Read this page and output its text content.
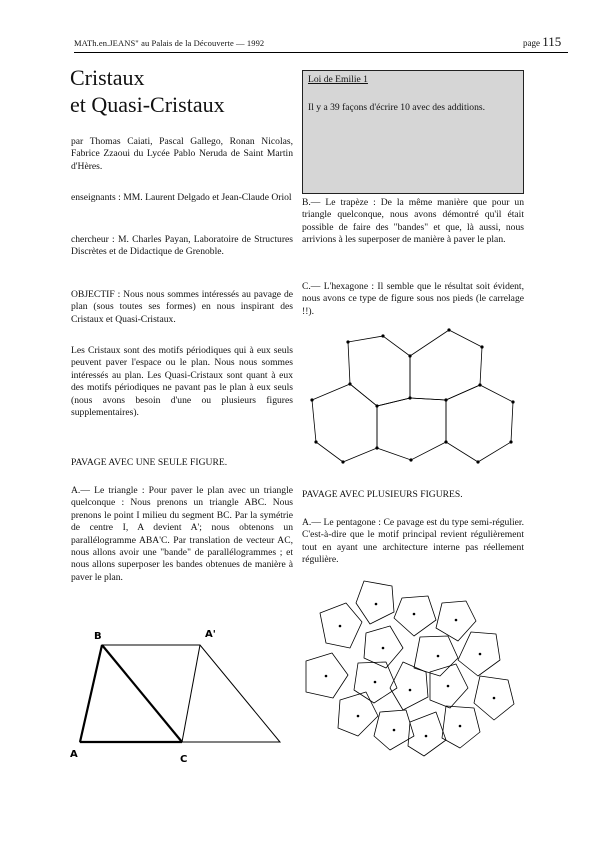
MATh.en.JEANS" au Palais de la Découverte — 1992	page 115
Cristaux
et Quasi-Cristaux

par Thomas Caiati, Pascal Gallego, Ronan Nicolas, Fabrice Zzaoui du Lycée Pablo Neruda de Saint Martin d'Hères.

enseignants : MM. Laurent Delgado et Jean-Claude Oriol

chercheur : M. Charles Payan, Laboratoire de Structures Discrètes et de Didactique de Grenoble.

OBJECTIF : Nous nous sommes intéressés au pavage de plan (sous toutes ses formes) en nous inspirant des Cristaux et Quasi-Cristaux.

Les Cristaux sont des motifs périodiques qui à eux seuls peuvent paver l'espace ou le plan. Nous nous sommes intéressés au plan. Les Quasi-Cristaux sont quant à eux des motifs périodiques ne pavant pas le plan à eux seuls (nous avons besoin d'une ou plusieurs figures supplementaires).

PAVAGE AVEC UNE SEULE FIGURE.

A.— Le triangle : Pour paver le plan avec un triangle quelconque : Nous prenons un triangle ABC. Nous prenons le point I milieu du segment BC. Par la symétrie de centre I, A devient A'; nous obtenons un parallélogramme ABA'C. Par translation de vecteur AC, nous allons avoir une "bande" de parallélogrammes ; et nous allons superposer les bandes obtenues de manière à paver le plan.

B	A'
A	C
Loi de Emilie 1
Il y a 39 façons d'écrire 10 avec des additions.

B.— Le trapèze : De la même manière que pour un triangle quelconque, nous avons démontré qu'il était possible de faire des "bandes" et que, là aussi, nous arrivions à les superposer de manière à paver le plan.

C.— L'hexagone : Il semble que le résultat soit évident, nous avons ce type de figure sous nos pieds (le carrelage !!).

PAVAGE AVEC PLUSIEURS FIGURES.

A.— Le pentagone : Ce pavage est du type semi-régulier. C'est-à-dire que le motif principal revient régulièrement tout en ayant une architecture interne pas réellement régulière.
